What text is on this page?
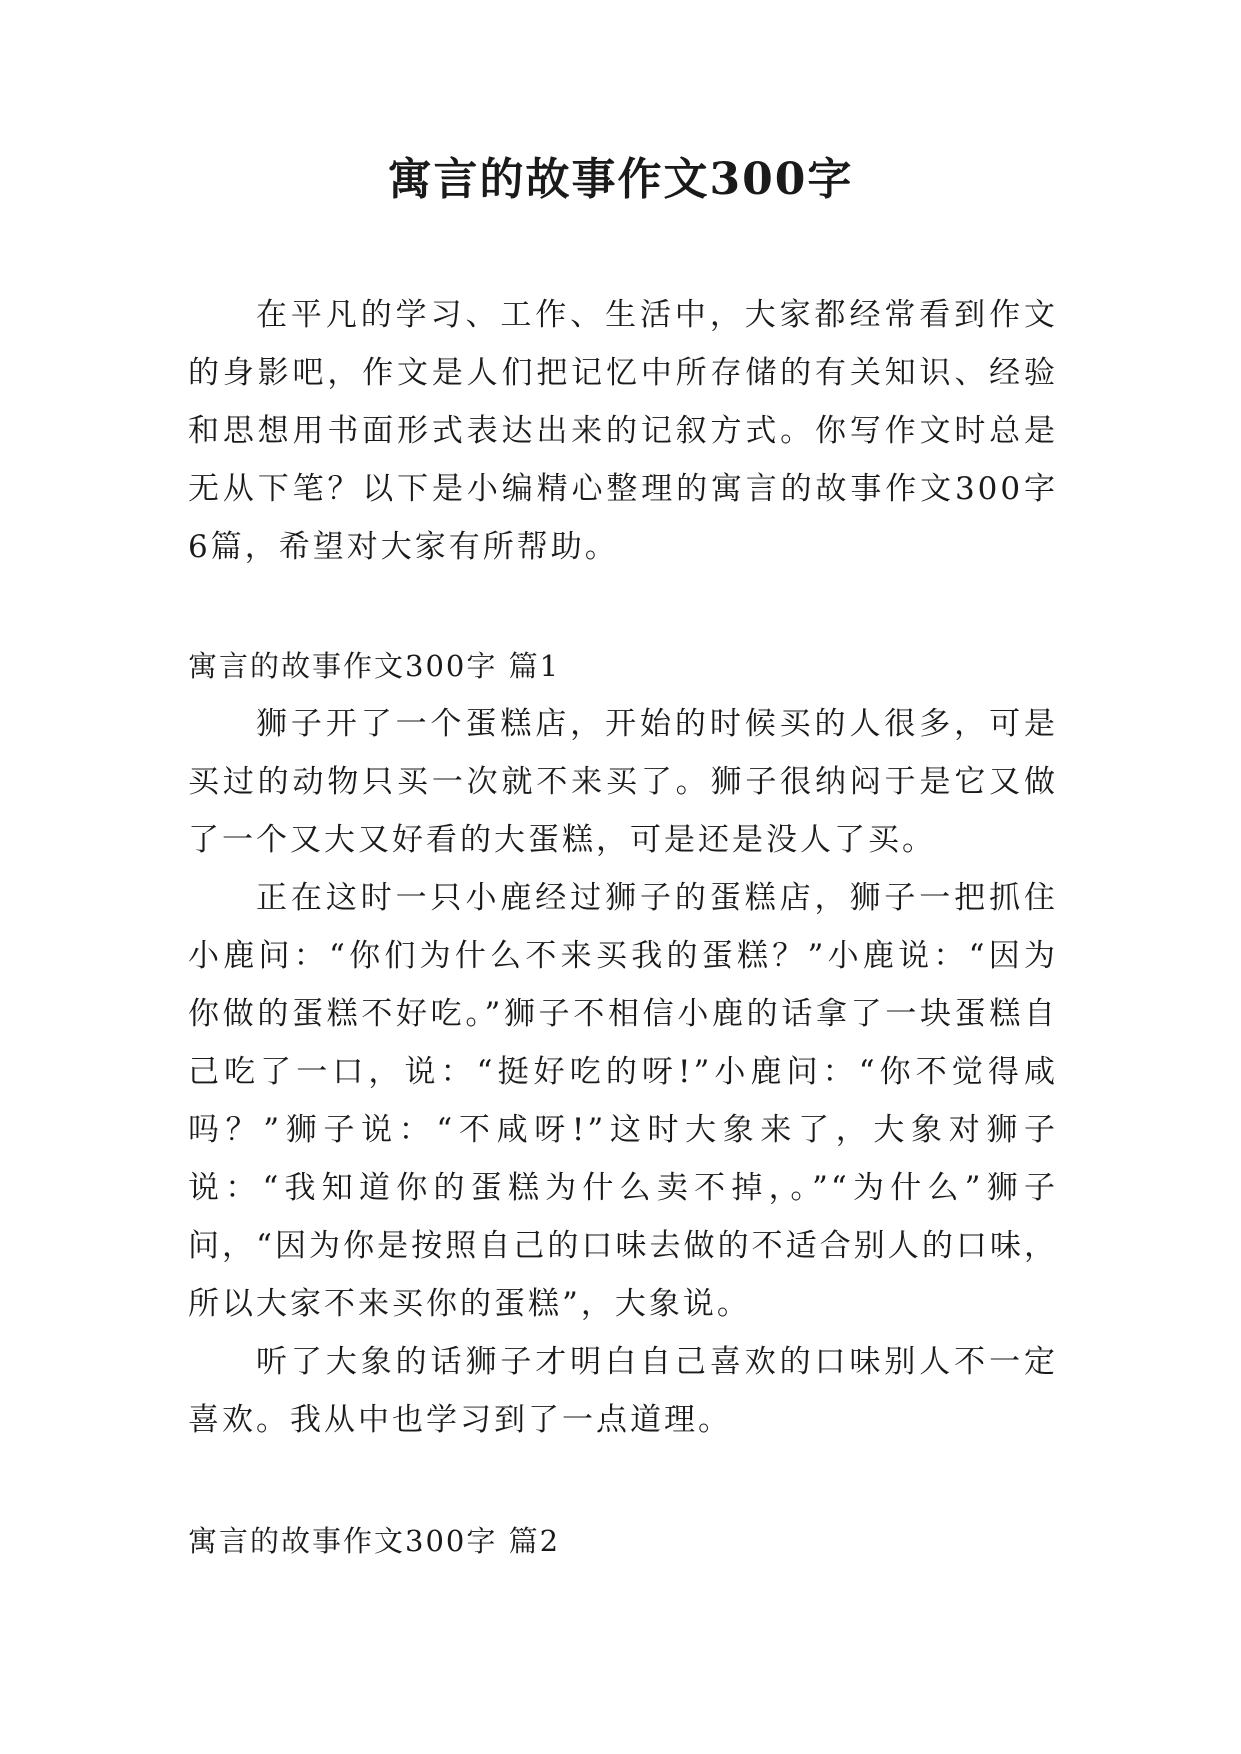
寓言的故事作文300字

在平凡的学习、工作、生活中，大家都经常看到作文的身影吧，作文是人们把记忆中所存储的有关知识、经验和思想用书面形式表达出来的记叙方式。你写作文时总是无从下笔？以下是小编精心整理的寓言的故事作文300字6篇，希望对大家有所帮助。

寓言的故事作文300字 篇1

狮子开了一个蛋糕店，开始的时候买的人很多，可是买过的动物只买一次就不来买了。狮子很纳闷于是它又做了一个又大又好看的大蛋糕，可是还是没人了买。

正在这时一只小鹿经过狮子的蛋糕店，狮子一把抓住小鹿问：“你们为什么不来买我的蛋糕？”小鹿说：“因为你做的蛋糕不好吃。”狮子不相信小鹿的话拿了一块蛋糕自己吃了一口，说：“挺好吃的呀!”小鹿问：“你不觉得咸吗？”狮子说：“不咸呀!”这时大象来了，大象对狮子说：“我知道你的蛋糕为什么卖不掉，。”“为什么”狮子问，“因为你是按照自己的口味去做的不适合别人的口味，所以大家不来买你的蛋糕”，大象说。

听了大象的话狮子才明白自己喜欢的口味别人不一定喜欢。我从中也学习到了一点道理。

寓言的故事作文300字 篇2
